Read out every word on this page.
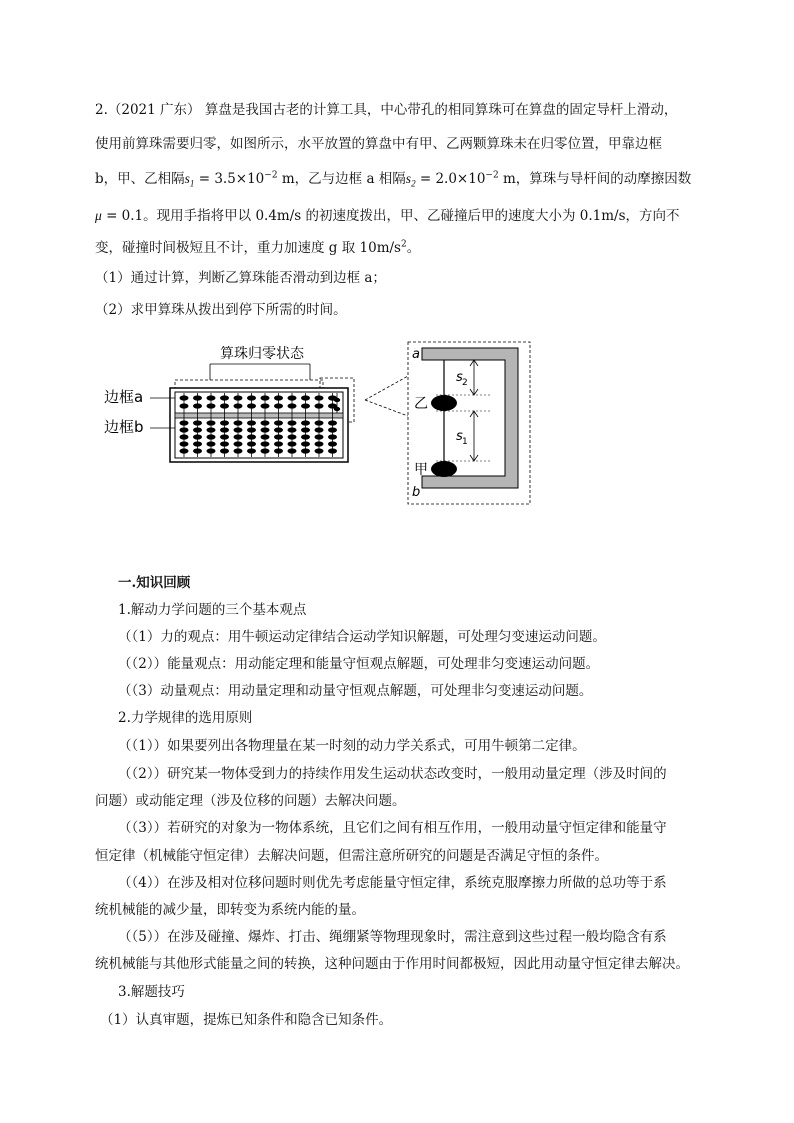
2.（2021 广东） 算盘是我国古老的计算工具，中心带孔的相同算珠可在算盘的固定导杆上滑动，
使用前算珠需要归零，如图所示，水平放置的算盘中有甲、乙两颗算珠未在归零位置，甲靠边框
b，甲、乙相隔$s_1 = 3.5\times 10^{-2}$ m，乙与边框 a 相隔$s_2 = 2.0\times 10^{-2}$ m，算珠与导杆间的动摩擦因数
μ = 0.1。现用手指将甲以 0.4m/s 的初速度拨出，甲、乙碰撞后甲的速度大小为 0.1m/s，方向不
变，碰撞时间极短且不计，重力加速度 g 取 $10m/s^2$。
（1）通过计算，判断乙算珠能否滑动到边框 a；
（2）求甲算珠从拨出到停下所需的时间。
算珠归零状态
边框a
边框b
s 2
s 1
a
b
乙
甲
一.知识回顾
1.解动力学问题的三个基本观点
（（1）力的观点：用牛顿运动定律结合运动学知识解题，可处理匀变速运动问题。
（（2））能量观点：用动能定理和能量守恒观点解题，可处理非匀变速运动问题。
（（3）动量观点：用动量定理和动量守恒观点解题，可处理非匀变速运动问题。
2.力学规律的选用原则
（（1））如果要列出各物理量在某一时刻的动力学关系式，可用牛顿第二定律。
（（2））研究某一物体受到力的持续作用发生运动状态改变时，一般用动量定理（涉及时间的
问题）或动能定理（涉及位移的问题）去解决问题。
（（3））若研究的对象为一物体系统，且它们之间有相互作用，一般用动量守恒定律和能量守
恒定律（机械能守恒定律）去解决问题，但需注意所研究的问题是否满足守恒的条件。
（（4））在涉及相对位移问题时则优先考虑能量守恒定律，系统克服摩擦力所做的总功等于系
统机械能的减少量，即转变为系统内能的量。
（（5））在涉及碰撞、爆炸、打击、绳绷紧等物理现象时，需注意到这些过程一般均隐含有系
统机械能与其他形式能量之间的转换，这种问题由于作用时间都极短，因此用动量守恒定律去解决。
3.解题技巧
（1）认真审题，提炼已知条件和隐含已知条件。
